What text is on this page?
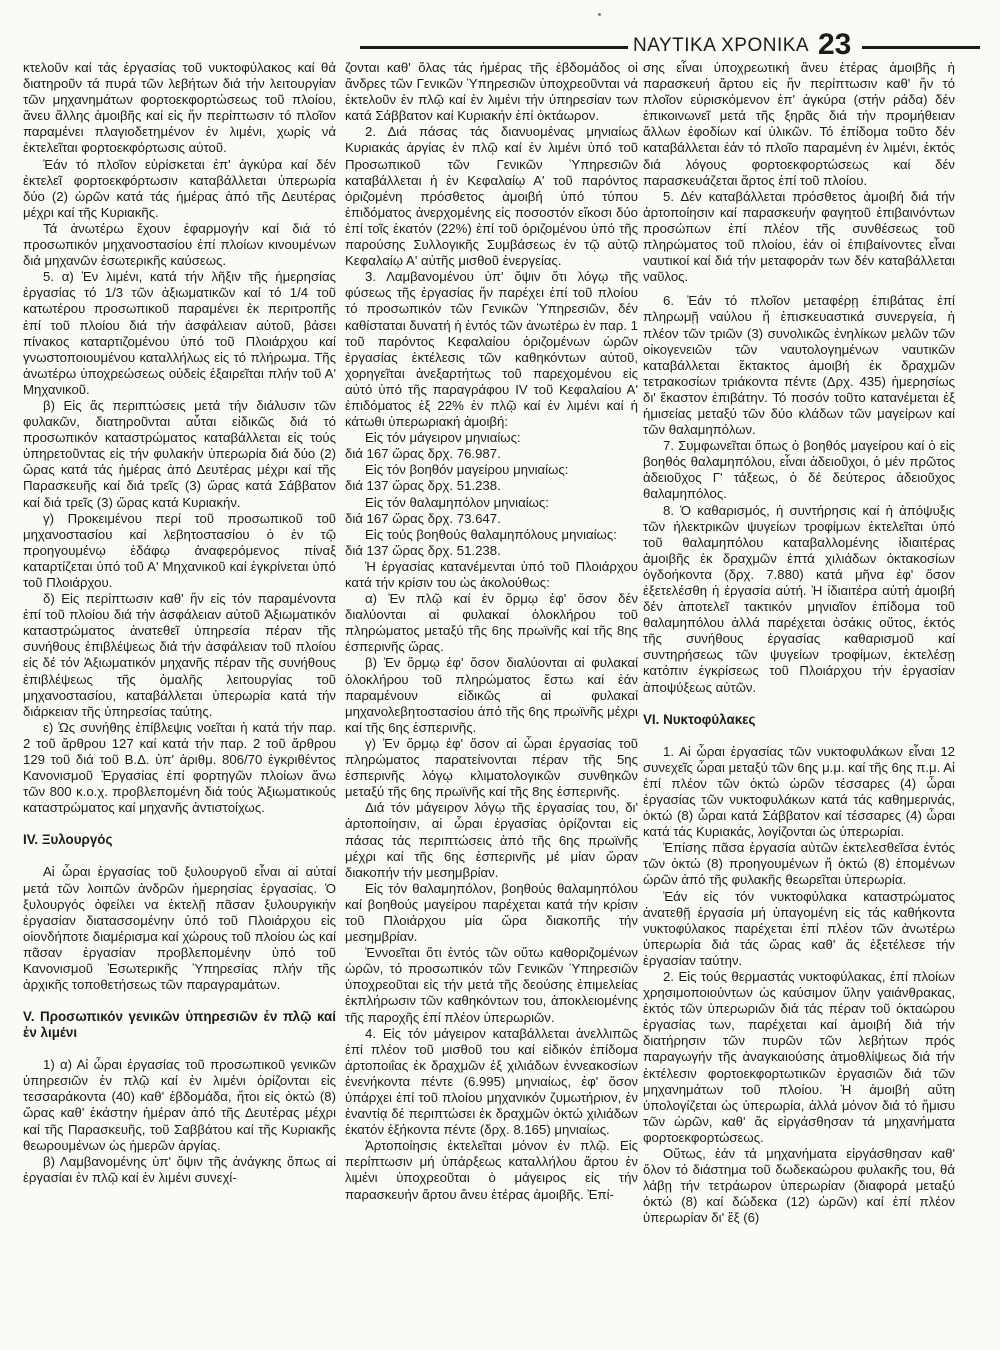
ΝΑΥΤΙΚΑ ΧΡΟΝΙΚΑ 23

κτελοῦν καί τάς ἐργασίας τοῦ νυκτοφύλακος καί θά διατηροῦν τά πυρά τῶν λεβήτων διά τήν λειτουργίαν τῶν μηχανημάτων φορτοεκφορτώσεως τοῦ πλοίου, ἄνευ ἄλλης ἀμοιβῆς καί εἰς ἥν περίπτωσιν τό πλοῖον παραμένει πλαγιοδετημένον ἐν λιμένι, χωρίς νά ἐκτελεῖται φορτοεκφόρτωσις αὐτοῦ.

Ἐάν τό πλοῖον εὑρίσκεται ἐπ' ἀγκύρα καί δέν ἐκτελεῖ φορτοεκφόρτωσιν καταβάλλεται ὑπερωρία δύο (2) ὡρῶν κατά τάς ἡμέρας ἀπό τῆς Δευτέρας μέχρι καί τῆς Κυριακῆς.

Τά ἀνωτέρω ἔχουν ἐφαρμογήν καί διά τό προσωπικόν μηχανοστασίου ἐπί πλοίων κινουμένων διά μηχανῶν ἐσωτερικῆς καύσεως.

5. α) Ἐν λιμένι, κατά τήν λῆξιν τῆς ἡμερησίας ἐργασίας τό 1/3 τῶν ἀξιωματικῶν καί τό 1/4 τοῦ κατωτέρου προσωπικοῦ παραμένει ἐκ περιτροπῆς ἐπί τοῦ πλοίου διά τήν ἀσφάλειαν αὐτοῦ, βάσει πίνακος καταρτιζομένου ὑπό τοῦ Πλοιάρχου καί γνωστοποιουμένου καταλλήλως εἰς τό πλήρωμα. Τῆς ἀνωτέρω ὑποχρεώσεως οὐδείς ἐξαιρεῖται πλήν τοῦ Α' Μηχανικοῦ.

β) Εἰς ἅς περιπτώσεις μετά τήν διάλυσιν τῶν φυλακῶν, διατηροῦνται αὗται εἰδικῶς διά τό προσωπικόν καταστρώματος καταβάλλεται εἰς τούς ὑπηρετοῦντας εἰς τήν φυλακήν ὑπερωρία διά δύο (2) ὥρας κατά τάς ἡμέρας ἀπό Δευτέρας μέχρι καί τῆς Παρασκευῆς καί διά τρεῖς (3) ὥρας κατά Σάββατον καί διά τρεῖς (3) ὥρας κατά Κυριακήν.

γ) Προκειμένου περί τοῦ προσωπικοῦ τοῦ μηχανοστασίου καί λεβητοστασίου ὁ ἐν τῷ προηγουμένῳ ἐδάφῳ ἀναφερόμενος πίναξ καταρτίζεται ὑπό τοῦ Α' Μηχανικοῦ καί ἐγκρίνεται ὑπό τοῦ Πλοιάρχου.

δ) Εἰς περίπτωσιν καθ' ἥν εἰς τόν παραμένοντα ἐπί τοῦ πλοίου διά τήν ἀσφάλειαν αὐτοῦ Ἀξιωματικόν καταστρώματος ἀνατεθεῖ ὑπηρεσία πέραν τῆς συνήθους ἐπιβλέψεως διά τήν ἀσφάλειαν τοῦ πλοίου εἰς δέ τόν Ἀξιωματικόν μηχανῆς πέραν τῆς συνήθους ἐπιβλέψεως τῆς ὁμαλῆς λειτουργίας τοῦ μηχανοστασίου, καταβάλλεται ὑπερωρία κατά τήν διάρκειαν τῆς ὑπηρεσίας ταύτης.

ε) Ὡς συνήθης ἐπίβλεψις νοεῖται ἡ κατά τήν παρ. 2 τοῦ ἄρθρου 127 καί κατά τήν παρ. 2 τοῦ ἄρθρου 129 τοῦ διά τοῦ Β.Δ. ὑπ' ἀριθμ. 806/70 ἐγκριθέντος Κανονισμοῦ Ἐργασίας ἐπί φορτηγῶν πλοίων ἄνω τῶν 800 κ.ο.χ. προβλεπομένη διά τούς Ἀξιωματικούς καταστρώματος καί μηχανῆς ἀντιστοίχως.

IV. Ξυλουργός

Αἱ ὧραι ἐργασίας τοῦ ξυλουργοῦ εἶναι αἱ αὐταί μετά τῶν λοιπῶν ἀνδρῶν ἡμερησίας ἐργασίας. Ὁ ξυλουργός ὀφείλει να ἐκτελῇ πᾶσαν ξυλουργικήν ἐργασίαν διατασσομένην ὑπό τοῦ Πλοιάρχου εἰς οἱονδήποτε διαμέρισμα καί χώρους τοῦ πλοίου ὡς καί πᾶσαν ἐργασίαν προβλεπομένην ὑπό τοῦ Κανονισμοῦ Ἐσωτερικῆς Ὑπηρεσίας πλήν τῆς ἀρχικῆς τοποθετήσεως τῶν παραγραμάτων.

V. Προσωπικόν γενικῶν ὑπηρεσιῶν ἐν πλῷ καί ἐν λιμένι

1) α) Αἱ ὧραι ἐργασίας τοῦ προσωπικοῦ γενικῶν ὑπηρεσιῶν ἐν πλῷ καί ἐν λιμένι ὁρίζονται εἰς τεσσαράκοντα (40) καθ' ἑβδομάδα, ἤτοι εἰς ὀκτώ (8) ὥρας καθ' ἑκάστην ἡμέραν ἀπό τῆς Δευτέρας μέχρι καί τῆς Παρασκευῆς, τοῦ Σαββάτου καί τῆς Κυριακῆς θεωρουμένων ὡς ἡμερῶν ἀργίας.

β) Λαμβανομένης ὑπ' ὄψιν τῆς ἀνάγκης ὅπως αἱ ἐργασίαι ἐν πλῷ καί ἐν λιμένι συνεχί-

ζονται καθ' ὅλας τάς ἡμέρας τῆς ἑβδομάδος οἱ ἄνδρες τῶν Γενικῶν Ὑπηρεσιῶν ὑποχρεοῦνται νά ἐκτελοῦν ἐν πλῷ καί ἐν λιμένι τήν ὑπηρεσίαν των κατά Σάββατον καί Κυριακήν ἐπί ὀκτάωρον.

2. Διά πάσας τάς διανυομένας μηνιαίως Κυριακάς ἀργίας ἐν πλῷ καί ἐν λιμένι ὑπό τοῦ Προσωπικοῦ τῶν Γενικῶν Ὑπηρεσιῶν καταβάλλεται ἡ ἐν Κεφαλαίῳ Α' τοῦ παρόντος ὁριζομένη πρόσθετος ἀμοιβή ὑπό τύπου ἐπιδόματος ἀνερχομένης εἰς ποσοστόν εἴκοσι δύο ἐπί τοῖς ἑκατόν (22%) ἐπί τοῦ ὁριζομένου ὑπό τῆς παρούσης Συλλογικῆς Συμβάσεως ἐν τῷ αὐτῷ Κεφαλαίῳ Α' αὐτῆς μισθοῦ ἐνεργείας.

3. Λαμβανομένου ὑπ' ὄψιν ὅτι λόγῳ τῆς φύσεως τῆς ἐργασίας ἥν παρέχει ἐπί τοῦ πλοίου τό προσωπικόν τῶν Γενικῶν Ὑπηρεσιῶν, δέν καθίσταται δυνατή ἡ ἐντός τῶν ἀνωτέρω ἐν παρ. 1 τοῦ παρόντος Κεφαλαίου ὁριζομένων ὡρῶν ἐργασίας ἐκτέλεσις τῶν καθηκόντων αὐτοῦ, χορηγεῖται ἀνεξαρτήτως τοῦ παρεχομένου εἰς αὐτό ὑπό τῆς παραγράφου IV τοῦ Κεφαλαίου Α' ἐπιδόματος ἐξ 22% ἐν πλῷ καί ἐν λιμένι καί ἡ κάτωθι ὑπερωριακή ἀμοιβή:

Εἰς τόν μάγειρον μηνιαίως:

διά 167 ὥρας δρχ. 76.987.

Εἰς τόν βοηθόν μαγείρου μηνιαίως:

διά 137 ὥρας δρχ. 51.238.

Εἰς τόν θαλαμηπόλον μηνιαίως:

διά 167 ὥρας δρχ. 73.647.

Εἰς τούς βοηθούς θαλαμηπόλους μηνιαίως:

διά 137 ὥρας δρχ. 51.238.

Ἡ ἐργασίας κατανέμενται ὑπό τοῦ Πλοιάρχου κατά τήν κρίσιν του ὡς ἀκολούθως:

α) Ἐν πλῷ καί ἐν ὅρμῳ ἐφ' ὅσον δέν διαλύονται αἱ φυλακαί ὁλοκλήρου τοῦ πληρώματος μεταξύ τῆς 6ης πρωϊνῆς καί τῆς 8ης ἑσπερινῆς ὥρας.

β) Ἐν ὅρμῳ ἐφ' ὅσον διαλύονται αἱ φυλακαί ὁλοκλήρου τοῦ πληρώματος ἔστω καί ἐάν παραμένουν εἰδικῶς αἱ φυλακαί μηχανολεβητοστασίου ἀπό τῆς 6ης πρωϊνῆς μέχρι καί τῆς 6ης ἑσπερινῆς.

γ) Ἐν ὅρμῳ ἐφ' ὅσον αἱ ὧραι ἐργασίας τοῦ πληρώματος παρατείνονται πέραν τῆς 5ης ἑσπερινῆς λόγῳ κλιματολογικῶν συνθηκῶν μεταξύ τῆς 6ης πρωϊνῆς καί τῆς 8ης ἑσπερινῆς.

Διά τόν μάγειρον λόγῳ τῆς ἐργασίας του, δι' ἀρτοποίησιν, αἱ ὧραι ἐργασίας ὁρίζονται εἰς πάσας τάς περιπτώσεις ἀπό τῆς 6ης πρωϊνῆς μέχρι καί τῆς 6ης ἑσπερινῆς μέ μίαν ὥραν διακοπήν τήν μεσημβρίαν.

Εἰς τόν θαλαμηπόλον, βοηθούς θαλαμηπόλου καί βοηθούς μαγείρου παρέχεται κατά τήν κρίσιν τοῦ Πλοιάρχου μία ὥρα διακοπῆς τήν μεσημβρίαν.

Ἐννοεῖται ὅτι ἐντός τῶν οὕτω καθοριζομένων ὡρῶν, τό προσωπικόν τῶν Γενικῶν Ὑπηρεσιῶν ὑποχρεοῦται εἰς τήν μετά τῆς δεούσης ἐπιμελείας ἐκπλήρωσιν τῶν καθηκόντων του, ἀποκλειομένης τῆς παροχῆς ἐπί πλέον ὑπερωριῶν.

4. Εἰς τόν μάγειρον καταβάλλεται ἀνελλιπῶς ἐπί πλέον τοῦ μισθοῦ του καί εἰδικόν ἐπίδομα ἀρτοποιΐας ἐκ δραχμῶν ἑξ χιλιάδων ἐννεακοσίων ἐνενήκοντα πέντε (6.995) μηνιαίως, ἐφ' ὅσον ὑπάρχει ἐπί τοῦ πλοίου μηχανικόν ζυμωτήριον, ἐν ἐναντίᾳ δέ περιπτώσει ἐκ δραχμῶν ὀκτώ χιλιάδων ἑκατόν ἑξήκοντα πέντε (δρχ. 8.165) μηνιαίως.

Ἀρτοποίησις ἐκτελεῖται μόνον ἐν πλῷ. Εἰς περίπτωσιν μή ὑπάρξεως καταλλήλου ἄρτου ἐν λιμένι ὑποχρεοῦται ὁ μάγειρος εἰς τήν παρασκευήν ἄρτου ἄνευ ἑτέρας ἀμοιβῆς. Ἐπί-

σης εἶναι ὑποχρεωτική ἄνευ ἑτέρας ἀμοιβῆς ἡ παρασκευή ἄρτου εἰς ἥν περίπτωσιν καθ' ἥν τό πλοῖον εὑρισκόμενον ἐπ' ἀγκύρα (στήν ράδα) δέν ἐπικοινωνεῖ μετά τῆς ξηρᾶς διά τήν προμήθειαν ἄλλων ἐφοδίων καί ὑλικῶν. Τό ἐπίδομα τοῦτο δέν καταβάλλεται ἐάν τό πλοῖο παραμένη ἐν λιμένι, ἐκτός διά λόγους φορτοεκφορτώσεως καί δέν παρασκευάζεται ἄρτος ἐπί τοῦ πλοίου.

5. Δέν καταβάλλεται πρόσθετος ἀμοιβή διά τήν ἀρτοποίησιν καί παρασκευήν φαγητοῦ ἐπιβαινόντων προσώπων ἐπί πλέον τῆς συνθέσεως τοῦ πληρώματος τοῦ πλοίου, ἐάν οἱ ἐπιβαίνοντες εἶναι ναυτικοί καί διά τήν μεταφοράν των δέν καταβάλλεται ναῦλος.

6. Ἐάν τό πλοῖον μεταφέρῃ ἐπιβάτας ἐπί πληρωμῇ ναύλου ἤ ἐπισκευαστικά συνεργεία, ἡ πλέον τῶν τριῶν (3) συνολικῶς ἐνηλίκων μελῶν τῶν οἰκογενειῶν τῶν ναυτολογημένων ναυτικῶν καταβάλλεται ἔκτακτος ἀμοιβή ἐκ δραχμῶν τετρακοσίων τριάκοντα πέντε (Δρχ. 435) ἡμερησίως δι' ἕκαστον ἐπιβάτην. Τό ποσόν τοῦτο κατανέμεται ἐξ ἡμισείας μεταξύ τῶν δύο κλάδων τῶν μαγείρων καί τῶν θαλαμηπόλων.

7. Συμφωνεῖται ὅπως ὁ βοηθός μαγείρου καί ὁ εἰς βοηθός θαλαμηπόλου, εἶναι ἀδειοῦχοι, ὁ μέν πρῶτος ἀδειοῦχος Γ' τάξεως, ὁ δέ δεύτερος ἀδειοῦχος θαλαμηπόλος.

8. Ὁ καθαρισμός, ἡ συντήρησις καί ἡ ἀπόψυξις τῶν ἠλεκτρικῶν ψυγείων τροφίμων ἐκτελεῖται ὑπό τοῦ θαλαμηπόλου καταβαλλομένης ἰδιαιτέρας ἀμοιβῆς ἐκ δραχμῶν ἑπτά χιλιάδων ὀκτακοσίων ὀγδοήκοντα (δρχ. 7.880) κατά μῆνα ἐφ' ὅσον ἐξετελέσθη ἡ ἐργασία αὐτή. Ἡ ἰδιαιτέρα αὐτή ἀμοιβή δέν ἀποτελεῖ τακτικόν μηνιαῖον ἐπίδομα τοῦ θαλαμηπόλου ἀλλά παρέχεται ὁσάκις οὕτος, ἐκτός τῆς συνήθους ἐργασίας καθαρισμοῦ καί συντηρήσεως τῶν ψυγείων τροφίμων, ἐκτελέσῃ κατόπιν ἐγκρίσεως τοῦ Πλοιάρχου τήν ἐργασίαν ἀποψύξεως αὐτῶν.

VI. Νυκτοφύλακες

1. Αἱ ὧραι ἐργασίας τῶν νυκτοφυλάκων εἶναι 12 συνεχεῖς ὧραι μεταξύ τῶν 6ης μ.μ. καί τῆς 6ης π.μ. Αἱ ἐπί πλέον τῶν ὀκτώ ὡρῶν τέσσαρες (4) ὧραι ἐργασίας τῶν νυκτοφυλάκων κατά τάς καθημερινάς, ὀκτώ (8) ὧραι κατά Σάββατον καί τέσσαρες (4) ὧραι κατά τάς Κυριακάς, λογίζονται ὡς ὑπερωρίαι.

Ἐπίσης πᾶσα ἐργασία αὐτῶν ἐκτελεσθεῖσα ἐντός τῶν ὀκτώ (8) προηγουμένων ἤ ὀκτώ (8) ἑπομένων ὡρῶν ἀπό τῆς φυλακῆς θεωρεῖται ὑπερωρία.

Ἐάν εἰς τόν νυκτοφύλακα καταστρώματος ἀνατεθῇ ἐργασία μή ὑπαγομένη εἰς τάς καθήκοντα νυκτοφύλακος παρέχεται ἐπί πλέον τῶν ἀνωτέρω ὑπερωρία διά τάς ὥρας καθ' ἅς ἐξετέλεσε τήν ἐργασίαν ταύτην.

2. Εἰς τούς θερμαστάς νυκτοφύλακας, ἐπί πλοίων χρησιμοποιούντων ὡς καύσιμον ὕλην γαιάνθρακας, ἐκτός τῶν ὑπερωριῶν διά τάς πέραν τοῦ ὀκταώρου ἐργασίας των, παρέχεται καί ἀμοιβή διά τήν διατήρησιν τῶν πυρῶν τῶν λεβήτων πρός παραγωγήν τῆς ἀναγκαιούσης ἀτμοθλίψεως διά τήν ἐκτέλεσιν φορτοεκφορτωτικῶν ἐργασιῶν διά τῶν μηχανημάτων τοῦ πλοίου. Ἡ ἀμοιβή αὕτη ὑπολογίζεται ὡς ὑπερωρία, ἀλλά μόνον διά τό ἥμισυ τῶν ὡρῶν, καθ' ἅς εἰργάσθησαν τά μηχανήματα φορτοεκφορτώσεως.

Οὕτως, ἐάν τά μηχανήματα εἰργάσθησαν καθ' ὅλον τό διάστημα τοῦ δωδεκαώρου φυλακῆς του, θά λάβῃ τήν τετράωρον ὑπερωρίαν (διαφορά μεταξύ ὀκτώ (8) καί δώδεκα (12) ὡρῶν) καί ἐπί πλέον ὑπερωρίαν δι' ἕξ (6)
